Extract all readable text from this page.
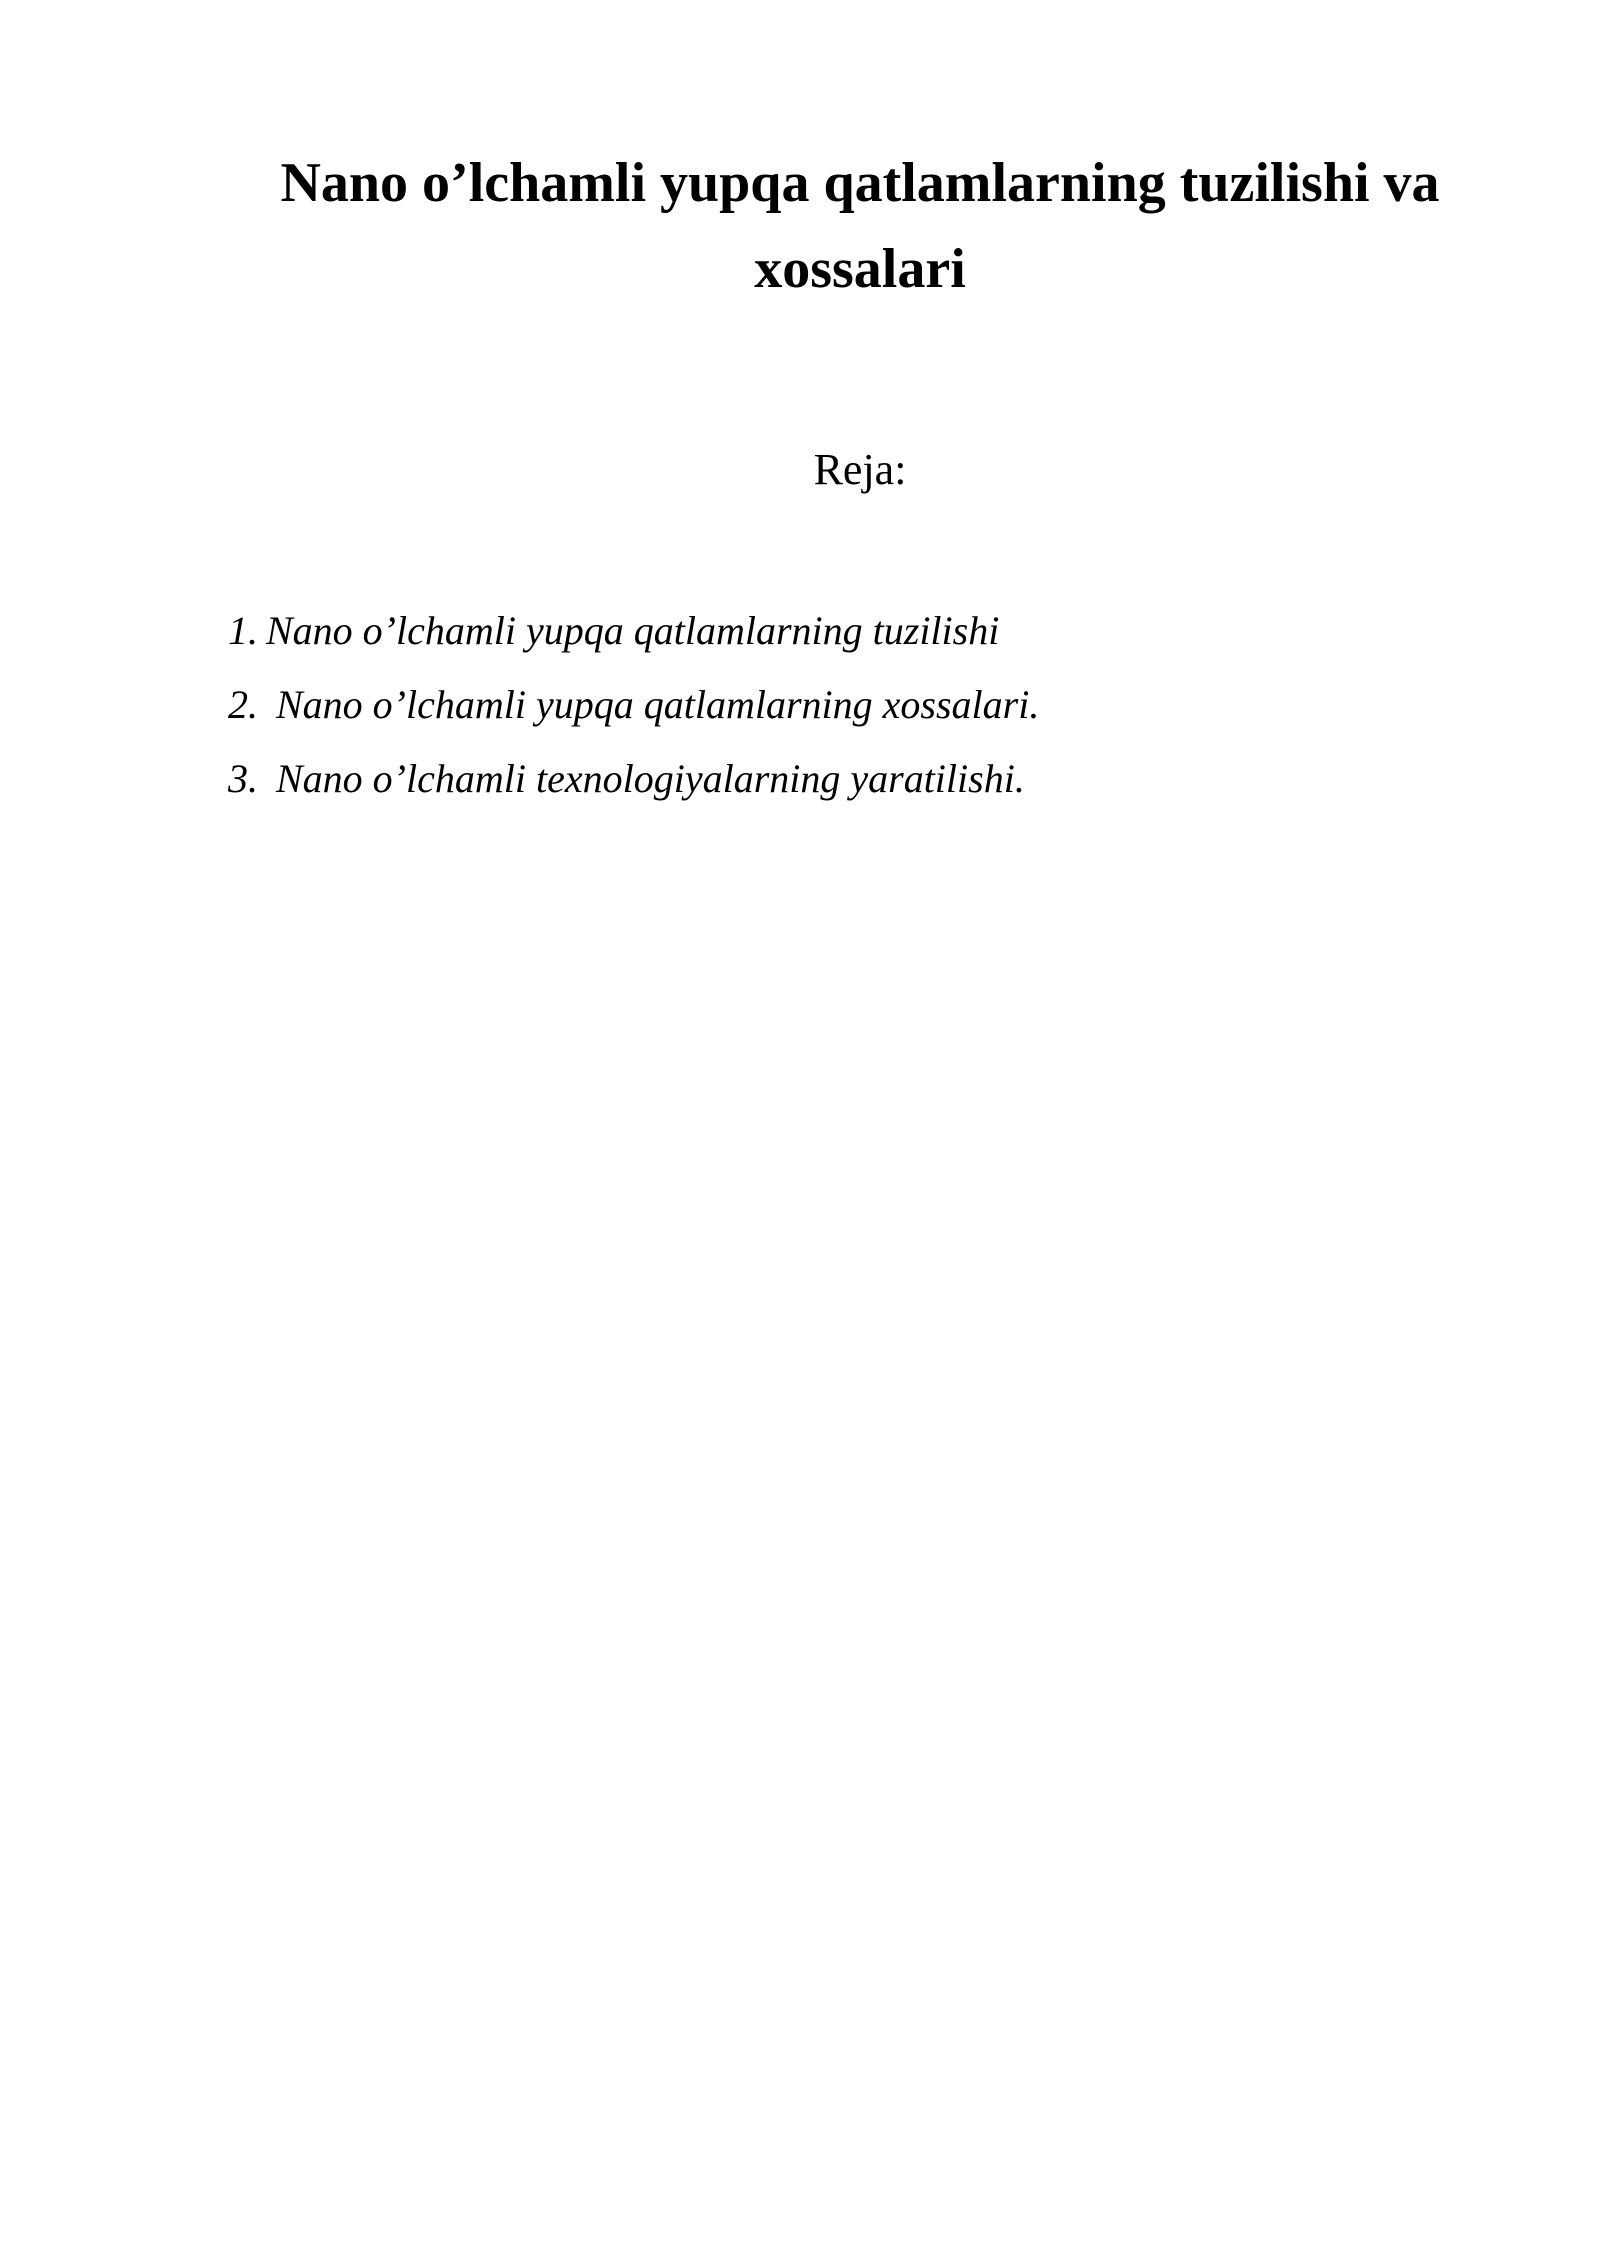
Nano o’lchamli yupqa qatlamlarning tuzilishi va
xossalari
Reja:
1. Nano o’lchamli yupqa qatlamlarning tuzilishi
2. Nano o’lchamli yupqa qatlamlarning xossalari.
3. Nano o’lchamli texnologiyalarning yaratilishi.
